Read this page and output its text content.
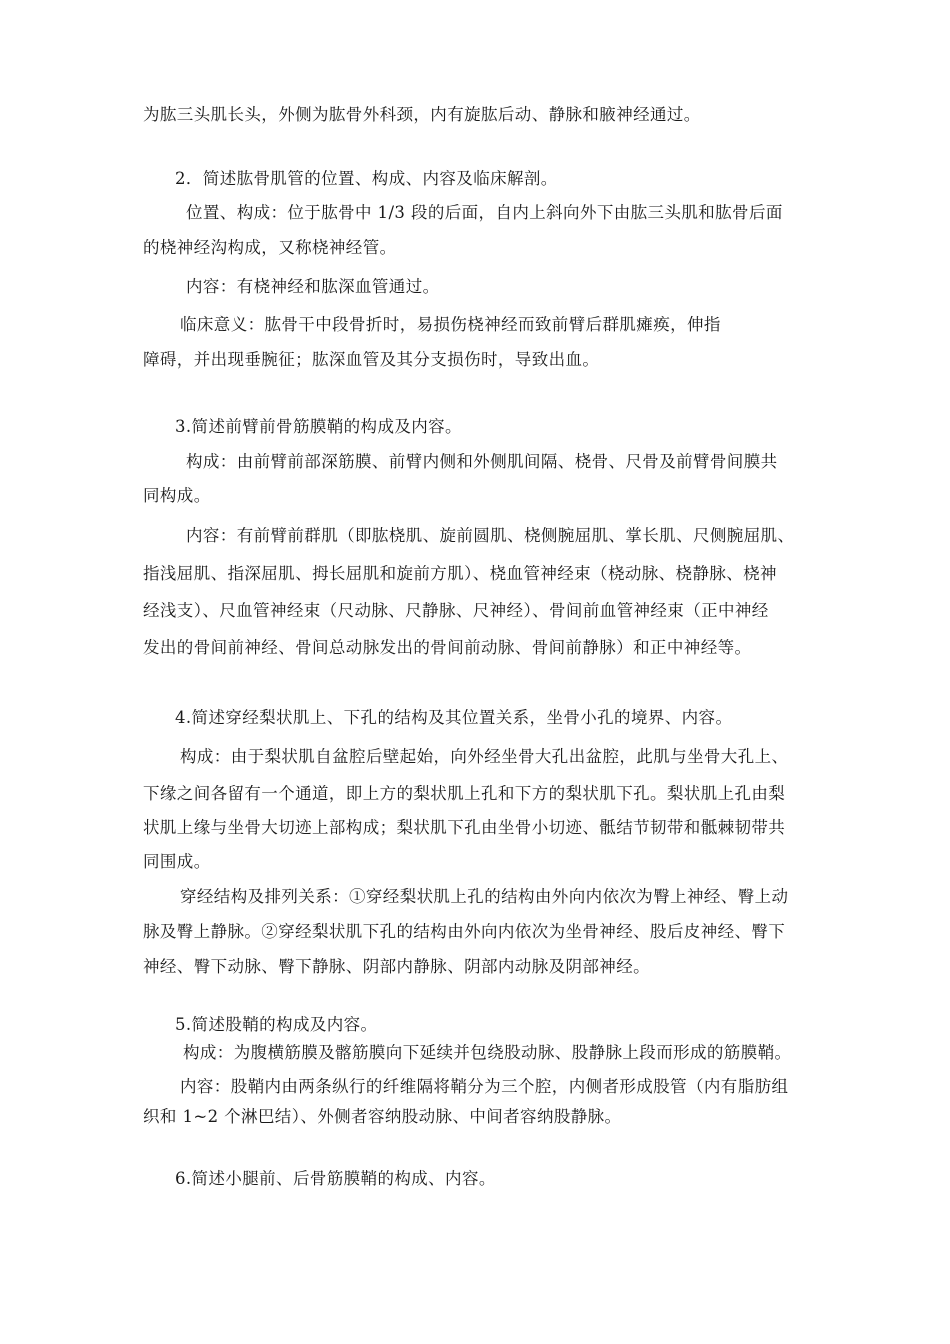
为肱三头肌长头，外侧为肱骨外科颈，内有旋肱后动、静脉和腋神经通过。
2．简述肱骨肌管的位置、构成、内容及临床解剖。
位置、构成：位于肱骨中 1/3 段的后面，自内上斜向外下由肱三头肌和肱骨后面
的桡神经沟构成，又称桡神经管。
内容：有桡神经和肱深血管通过。
临床意义：肱骨干中段骨折时，易损伤桡神经而致前臂后群肌瘫痪，伸指
障碍，并出现垂腕征；肱深血管及其分支损伤时，导致出血。
3.简述前臂前骨筋膜鞘的构成及内容。
构成：由前臂前部深筋膜、前臂内侧和外侧肌间隔、桡骨、尺骨及前臂骨间膜共
同构成。
内容：有前臂前群肌（即肱桡肌、旋前圆肌、桡侧腕屈肌、掌长肌、尺侧腕屈肌、
指浅屈肌、指深屈肌、拇长屈肌和旋前方肌）、桡血管神经束（桡动脉、桡静脉、桡神
经浅支）、尺血管神经束（尺动脉、尺静脉、尺神经）、骨间前血管神经束（正中神经
发出的骨间前神经、骨间总动脉发出的骨间前动脉、骨间前静脉）和正中神经等。
4.简述穿经梨状肌上、下孔的结构及其位置关系，坐骨小孔的境界、内容。
构成：由于梨状肌自盆腔后壁起始，向外经坐骨大孔出盆腔，此肌与坐骨大孔上、
下缘之间各留有一个通道，即上方的梨状肌上孔和下方的梨状肌下孔。梨状肌上孔由梨
状肌上缘与坐骨大切迹上部构成；梨状肌下孔由坐骨小切迹、骶结节韧带和骶棘韧带共
同围成。
穿经结构及排列关系：①穿经梨状肌上孔的结构由外向内依次为臀上神经、臀上动
脉及臀上静脉。②穿经梨状肌下孔的结构由外向内依次为坐骨神经、股后皮神经、臀下
神经、臀下动脉、臀下静脉、阴部内静脉、阴部内动脉及阴部神经。
5.简述股鞘的构成及内容。
构成：为腹横筋膜及髂筋膜向下延续并包绕股动脉、股静脉上段而形成的筋膜鞘。
内容：股鞘内由两条纵行的纤维隔将鞘分为三个腔，内侧者形成股管（内有脂肪组
织和 1~2 个淋巴结）、外侧者容纳股动脉、中间者容纳股静脉。
6.简述小腿前、后骨筋膜鞘的构成、内容。
